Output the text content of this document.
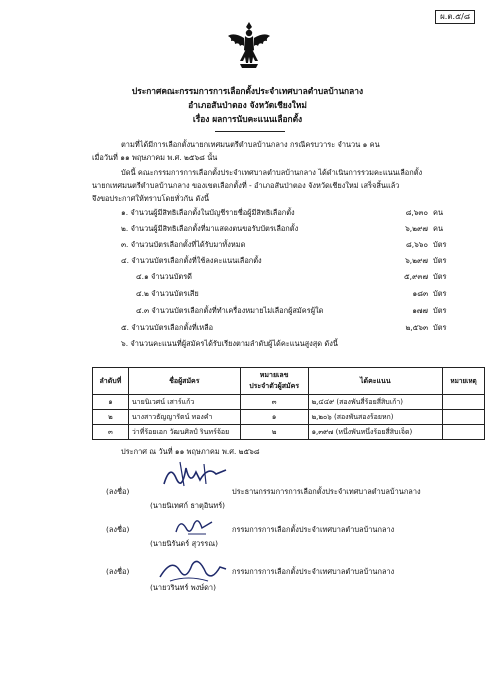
ผ.ต.๕/๘
ประกาศคณะกรรมการการเลือกตั้งประจำเทศบาลตำบลบ้านกลาง
อำเภอสันป่าตอง จังหวัดเชียงใหม่
เรื่อง ผลการนับคะแนนเลือกตั้ง
ตามที่ได้มีการเลือกตั้งนายกเทศมนตรีตำบลบ้านกลาง กรณีครบวาระ จำนวน ๑ คน
เมื่อวันที่ ๑๑ พฤษภาคม พ.ศ. ๒๕๖๘ นั้น
บัดนี้ คณะกรรมการการเลือกตั้งประจำเทศบาลตำบลบ้านกลาง ได้ดำเนินการรวมคะแนนเลือกตั้ง
นายกเทศมนตรีตำบลบ้านกลาง ของเขตเลือกตั้งที่ - อำเภอสันป่าตอง จังหวัดเชียงใหม่ เสร็จสิ้นแล้ว
จึงขอประกาศให้ทราบโดยทั่วกัน ดังนี้
๑. จำนวนผู้มีสิทธิเลือกตั้งในบัญชีรายชื่อผู้มีสิทธิเลือกตั้ง	๘,๖๓๐ คน
๒. จำนวนผู้มีสิทธิเลือกตั้งที่มาแสดงตนขอรับบัตรเลือกตั้ง	๖,๒๙๗ คน
๓. จำนวนบัตรเลือกตั้งที่ได้รับมาทั้งหมด	๘,๖๖๐ บัตร
๔. จำนวนบัตรเลือกตั้งที่ใช้ลงคะแนนเลือกตั้ง	๖,๒๙๗ บัตร
๔.๑ จำนวนบัตรดี	๕,๙๓๗ บัตร
๔.๒ จำนวนบัตรเสีย	๑๘๓ บัตร
๔.๓ จำนวนบัตรเลือกตั้งที่ทำเครื่องหมายไม่เลือกผู้สมัครผู้ใด	๑๗๗ บัตร
๕. จำนวนบัตรเลือกตั้งที่เหลือ	๒,๕๖๓ บัตร
๖. จำนวนคะแนนที่ผู้สมัครได้รับเรียงตามลำดับผู้ได้คะแนนสูงสุด ดังนี้
ลำดับที่	ชื่อผู้สมัคร	หมายเลข
ประจำตัวผู้สมัคร	ได้คะแนน	หมายเหตุ
๑	นายนิเวศน์ เสาร์แก้ว	๓	๒,๔๔๙ (สองพันสี่ร้อยสี่สิบเก้า)	
๒	นางสาวธัญญารัตน์ ทองคำ	๑	๒,๒๐๖ (สองพันสองร้อยหก)	
๓	ว่าที่ร้อยเอก วัฒนศิลป์ รินทร์จ้อย	๒	๑,๓๙๗ (หนึ่งพันหนึ่งร้อยสี่สิบเจ็ด)	
ประกาศ ณ วันที่ ๑๑ พฤษภาคม พ.ศ. ๒๕๖๘
(ลงชื่อ)	ประธานกรรมการการเลือกตั้งประจำเทศบาลตำบลบ้านกลาง
(นายนิเทศก์ ธาตุอินทร์)
(ลงชื่อ)	กรรมการการเลือกตั้งประจำเทศบาลตำบลบ้านกลาง
(นายนิรันดร์ สุวรรณ)
(ลงชื่อ)	กรรมการการเลือกตั้งประจำเทศบาลตำบลบ้านกลาง
(นายวรินทร์ พงษ์ดา)
